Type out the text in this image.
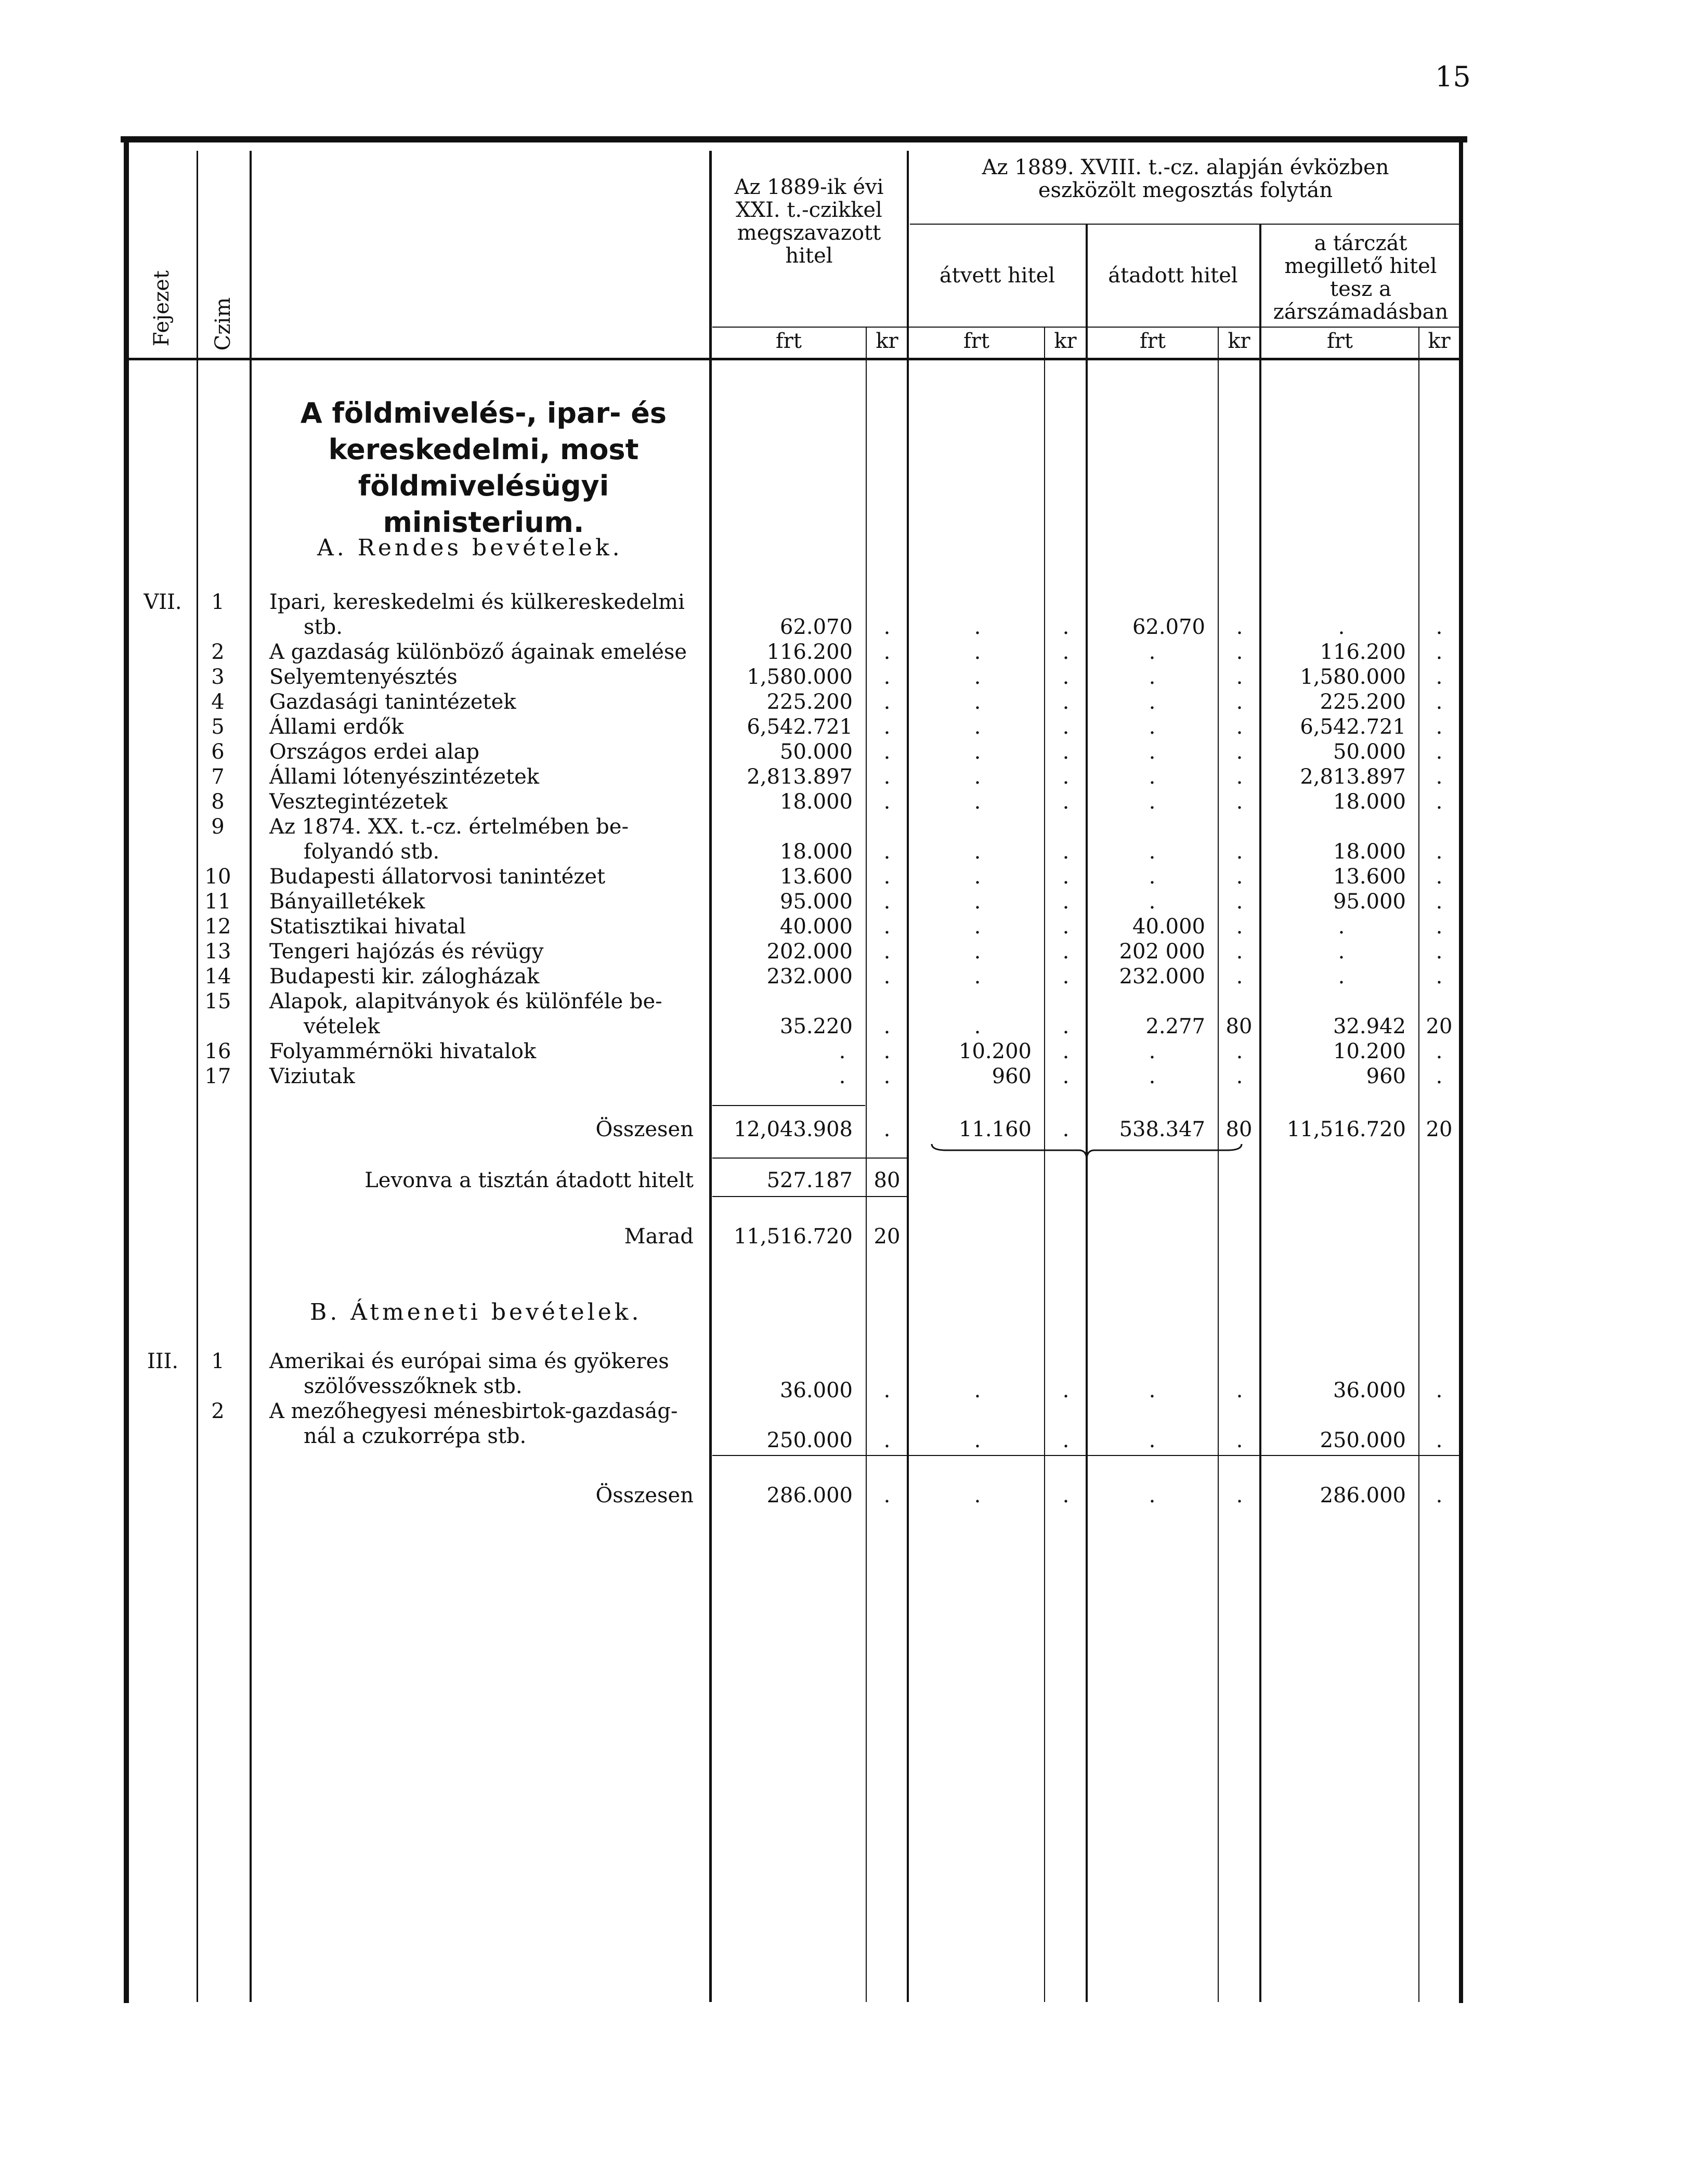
15
Fejezet Czim
Az 1889-ik évi XXI. t.-czikkel megszavazott hitel
Az 1889. XVIII. t.-cz. alapján évközben eszközölt megosztás folytán
átvett hitel	átadott hitel
a tárczát megillető hitel tesz a zárszámadásban
frt	kr	frt	kr	frt	kr	frt	kr
A földmivelés-, ipar- és kereskedelmi, most földmivelésügyi ministerium.
A. Rendes bevételek.
VII.	1	Ipari, kereskedelmi és külkereskedelmi
stb.	62.070	.	.	.	62.070	.	.	.
2	A gazdaság különböző ágainak emelése	116.200	.	.	.	.	.	116.200	.
3	Selyemtenyésztés	1,580.000	.	.	.	.	.	1,580.000	.
4	Gazdasági tanintézetek	225.200	.	.	.	.	.	225.200	.
5	Állami erdők	6,542.721	.	.	.	.	.	6,542.721	.
6	Országos erdei alap	50.000	.	.	.	.	.	50.000	.
7	Állami lótenyészintézetek	2,813.897	.	.	.	.	.	2,813.897	.
8	Vesztegintézetek	18.000	.	.	.	.	.	18.000	.
9	Az 1874. XX. t.-cz. értelmében be-
folyandó stb.	18.000	.	.	.	.	.	18.000	.
10 Budapesti állatorvosi tanintézet	13.600	.	.	.	.	.	13.600	.
11 Bányailletékek	95.000	.	.	.	.	.	95.000	.
12 Statisztikai hivatal	40.000	.	.	.	40.000	.	.	.
13 Tengeri hajózás és révügy	202.000	.	.	.	202 000	.	.	.
14 Budapesti kir. zálogházak	232.000	.	.	.	232.000	.	.	.
15 Alapok, alapitványok és különféle be-
vételek	35.220	.	.	.	2.277 80	32.942 20
16 Folyammérnöki hivatalok	.	.	10.200	.	.	.	10.200	.
17 Viziutak	.	.	960	.	.	.	960	.
Összesen	12,043.908	.	11.160	.	538.347 80	11,516.720 20
Levonva a tisztán átadott hitelt	527.187	80
Marad	11,516.720	20
B. Átmeneti bevételek.
III.	1	Amerikai és európai sima és gyökeres
szölővesszőknek stb.	36.000	.	.	.	.	.	36.000	.
2	A mezőhegyesi ménesbirtok-gazdaság-
nál a czukorrépa stb.	250.000	.	.	.	.	.	250.000	.
Összesen	286.000	.	.	.	.	.	286.000	.
